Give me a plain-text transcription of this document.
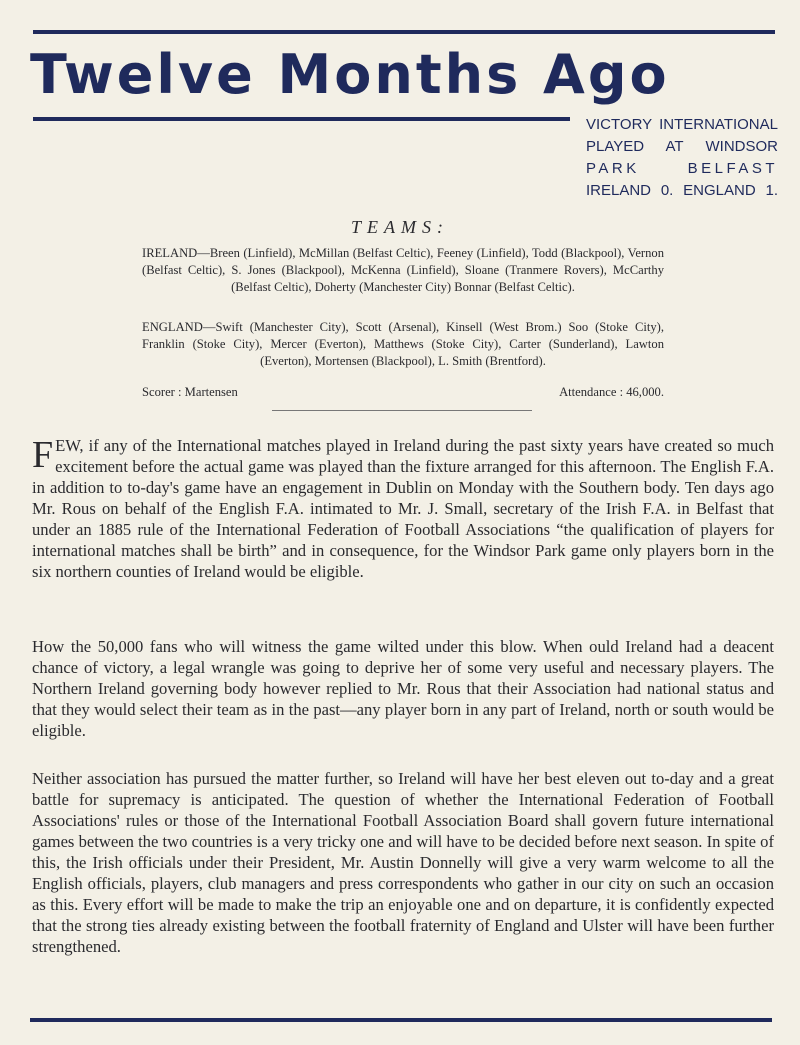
Twelve Months Ago
VICTORY INTERNATIONAL
PLAYED AT WINDSOR
PARK BELFAST
IRELAND 0. ENGLAND 1.
TEAMS:
IRELAND—Breen (Linfield), McMillan (Belfast Celtic), Feeney (Linfield), Todd (Blackpool), Vernon (Belfast Celtic), S. Jones (Blackpool), McKenna (Linfield), Sloane (Tranmere Rovers), McCarthy (Belfast Celtic), Doherty (Manchester City) Bonnar (Belfast Celtic).
ENGLAND—Swift (Manchester City), Scott (Arsenal), Kinsell (West Brom.) Soo (Stoke City), Franklin (Stoke City), Mercer (Everton), Matthews (Stoke City), Carter (Sunderland), Lawton (Everton), Mortensen (Blackpool), L. Smith (Brentford).
Scorer : Martensen	Attendance : 46,000.

FEW, if any of the International matches played in Ireland during the past sixty years have created so much excitement before the actual game was played than the fixture arranged for this afternoon. The English F.A. in addition to to-day's game have an engagement in Dublin on Monday with the Southern body. Ten days ago Mr. Rous on behalf of the English F.A. intimated to Mr. J. Small, secretary of the Irish F.A. in Belfast that under an 1885 rule of the International Federation of Football Associations “the qualification of players for international matches shall be birth” and in consequence, for the Windsor Park game only players born in the six northern counties of Ireland would be eligible.

How the 50,000 fans who will witness the game wilted under this blow. When ould Ireland had a deacent chance of victory, a legal wrangle was going to deprive her of some very useful and necessary players. The Northern Ireland governing body however replied to Mr. Rous that their Association had national status and that they would select their team as in the past—any player born in any part of Ireland, north or south would be eligible.

Neither association has pursued the matter further, so Ireland will have her best eleven out to-day and a great battle for supremacy is anticipated. The question of whether the International Federation of Football Associations' rules or those of the International Football Association Board shall govern future international games between the two countries is a very tricky one and will have to be decided before next season. In spite of this, the Irish officials under their President, Mr. Austin Donnelly will give a very warm welcome to all the English officials, players, club managers and press correspondents who gather in our city on such an occasion as this. Every effort will be made to make the trip an enjoyable one and on departure, it is confidently expected that the strong ties already existing between the football fraternity of England and Ulster will have been further strengthened.
